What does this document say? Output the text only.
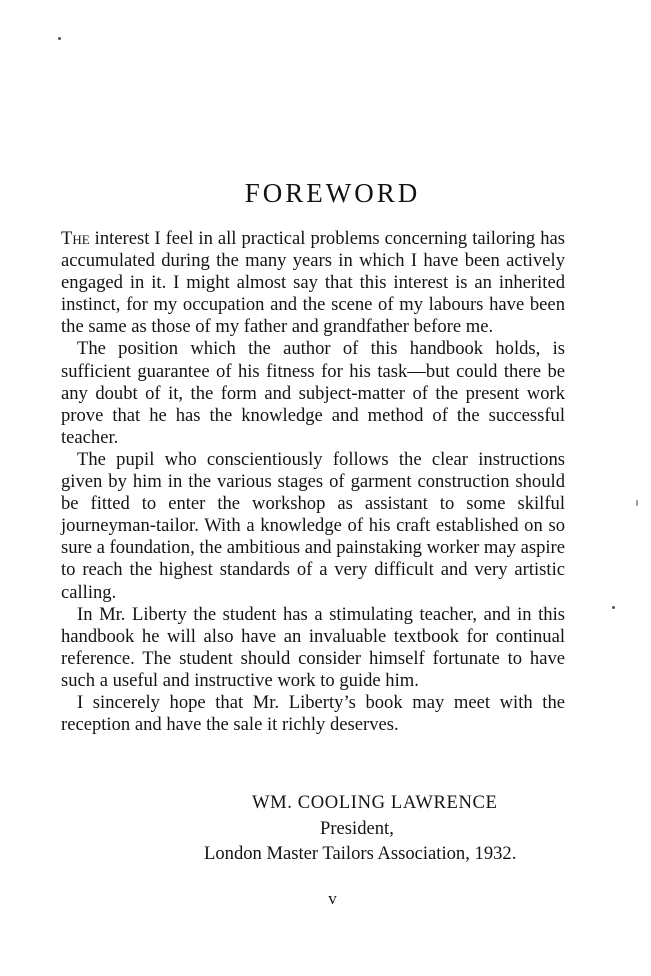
FOREWORD

The interest I feel in all practical problems concerning tailoring has accumulated during the many years in which I have been actively engaged in it. I might almost say that this interest is an inherited instinct, for my occupation and the scene of my labours have been the same as those of my father and grandfather before me.

The position which the author of this handbook holds, is sufficient guarantee of his fitness for his task—but could there be any doubt of it, the form and subject-matter of the present work prove that he has the knowledge and method of the successful teacher.

The pupil who conscientiously follows the clear instructions given by him in the various stages of garment construction should be fitted to enter the workshop as assistant to some skilful journeyman-tailor. With a knowledge of his craft established on so sure a foundation, the ambitious and painstaking worker may aspire to reach the highest standards of a very difficult and very artistic calling.

In Mr. Liberty the student has a stimulating teacher, and in this handbook he will also have an invaluable textbook for continual reference. The student should consider himself fortunate to have such a useful and instructive work to guide him.

I sincerely hope that Mr. Liberty’s book may meet with the reception and have the sale it richly deserves.

WM. COOLING LAWRENCE
President,
London Master Tailors Association, 1932.
v
